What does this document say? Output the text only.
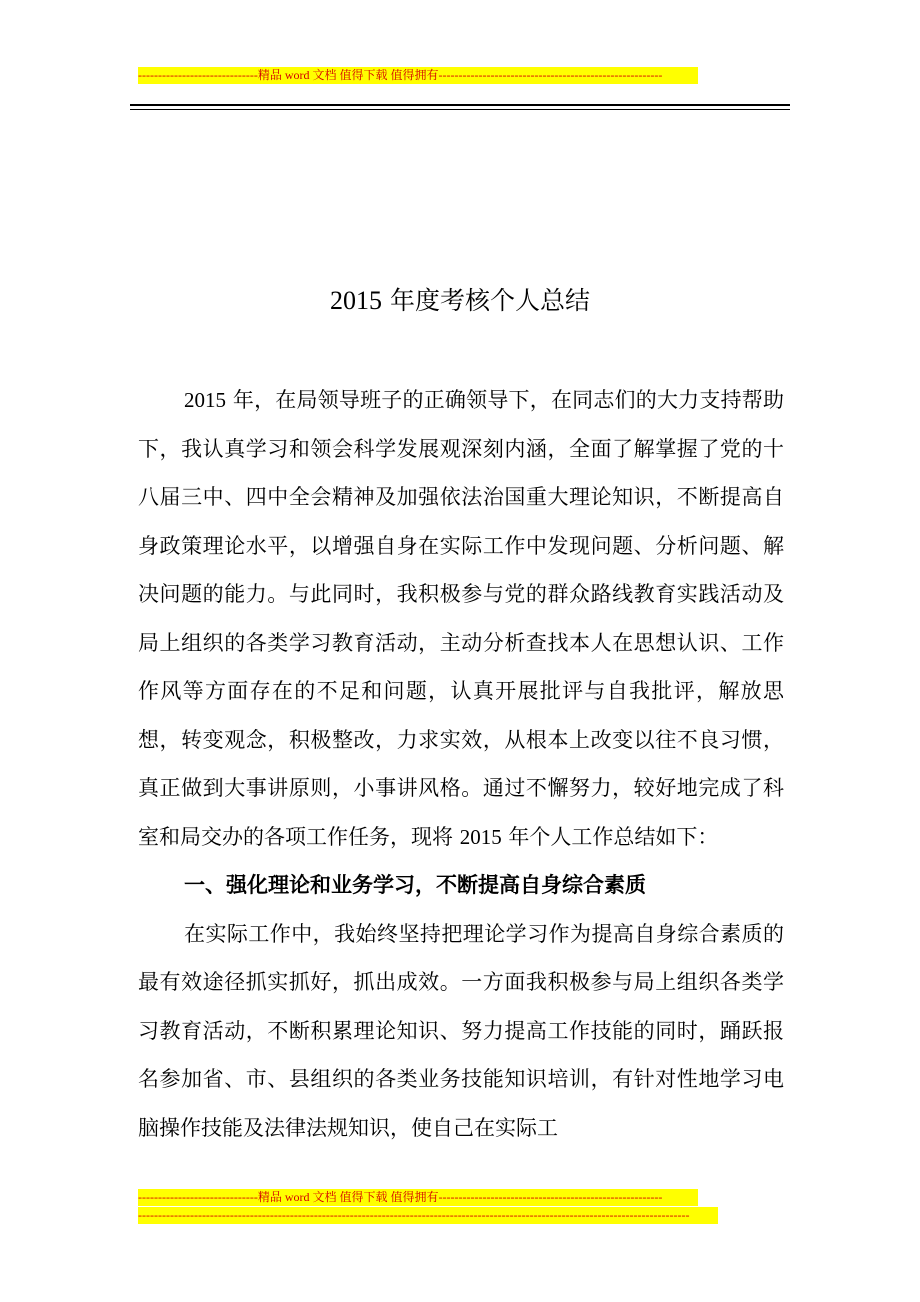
------------------------------精品 word 文档 值得下载 值得拥有--------------------------------------------------------
2015 年度考核个人总结

2015 年，在局领导班子的正确领导下，在同志们的大力支持帮助下，我认真学习和领会科学发展观深刻内涵，全面了解掌握了党的十八届三中、四中全会精神及加强依法治国重大理论知识，不断提高自身政策理论水平，以增强自身在实际工作中发现问题、分析问题、解决问题的能力。与此同时，我积极参与党的群众路线教育实践活动及局上组织的各类学习教育活动，主动分析查找本人在思想认识、工作作风等方面存在的不足和问题，认真开展批评与自我批评，解放思想，转变观念，积极整改，力求实效，从根本上改变以往不良习惯，真正做到大事讲原则，小事讲风格。通过不懈努力，较好地完成了科室和局交办的各项工作任务，现将 2015 年个人工作总结如下：

一、强化理论和业务学习，不断提高自身综合素质

在实际工作中，我始终坚持把理论学习作为提高自身综合素质的最有效途径抓实抓好，抓出成效。一方面我积极参与局上组织各类学习教育活动，不断积累理论知识、努力提高工作技能的同时，踊跃报名参加省、市、县组织的各类业务技能知识培训，有针对性地学习电脑操作技能及法律法规知识，使自己在实际工

------------------------------精品 word 文档 值得下载 值得拥有--------------------------------------------------------
------------------------------------------------------------------------------------------------------------------------------------------
